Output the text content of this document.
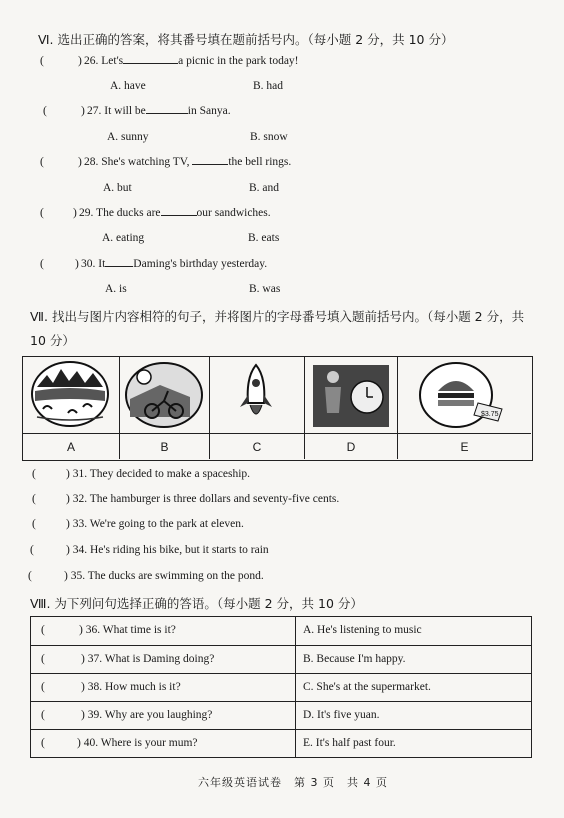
Ⅵ. 选出正确的答案，将其番号填在题前括号内。（每小题 2 分，共 10 分）
(	) 26. Let's	a picnic in the park today!
A. have	B. had
(	) 27. It will be	in Sanya.
A. sunny	B. snow
(	) 28. She's watching TV,	the bell rings.
A. but	B. and
(	) 29. The ducks are	our sandwiches.
A. eating	B. eats
(	) 30. It Daming's birthday yesterday.
A. is	B. was
Ⅶ. 找出与图片内容相符的句子，并将图片的字母番号填入题前括号内。（每小题 2 分，共
10 分）
$3.75
A	B	C	D	E
(	) 31. They decided to make a spaceship.
(	) 32. The hamburger is three dollars and seventy-five cents.
(	) 33. We're going to the park at eleven.
(	) 34. He's riding his bike, but it starts to rain
(	) 35. The ducks are swimming on the pond.
Ⅷ. 为下列问句选择正确的答语。（每小题 2 分，共 10 分）
(	) 36. What time is it?	A. He's listening to music
(	) 37. What is Daming doing?	B. Because I'm happy.
(	) 38. How much is it?	C. She's at the supermarket.
(	) 39. Why are you laughing?	D. It's five yuan.
(	) 40. Where is your mum?	E. It's half past four.
六年级英语试卷　第 3 页　共 4 页
